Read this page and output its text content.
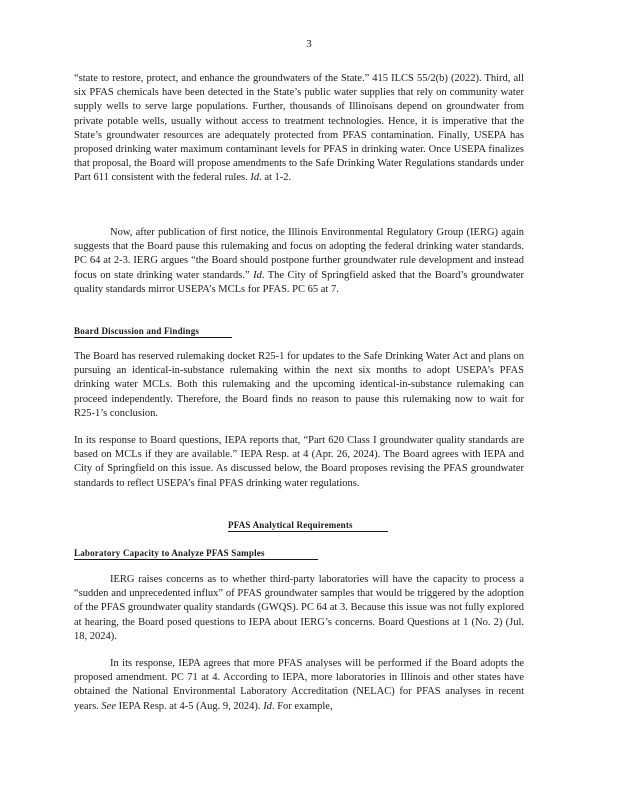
3
“state to restore, protect, and enhance the groundwaters of the State.” 415 ILCS 55/2(b) (2022). Third, all six PFAS chemicals have been detected in the State’s public water supplies that rely on community water supply wells to serve large populations. Further, thousands of Illinoisans depend on groundwater from private potable wells, usually without access to treatment technologies. Hence, it is imperative that the State’s groundwater resources are adequately protected from PFAS contamination. Finally, USEPA has proposed drinking water maximum contaminant levels for PFAS in drinking water. Once USEPA finalizes that proposal, the Board will propose amendments to the Safe Drinking Water Regulations standards under Part 611 consistent with the federal rules. Id. at 1-2.
Now, after publication of first notice, the Illinois Environmental Regulatory Group (IERG) again suggests that the Board pause this rulemaking and focus on adopting the federal drinking water standards. PC 64 at 2-3. IERG argues “the Board should postpone further groundwater rule development and instead focus on state drinking water standards.” Id. The City of Springfield asked that the Board’s groundwater quality standards mirror USEPA’s MCLs for PFAS. PC 65 at 7.
Board Discussion and Findings
The Board has reserved rulemaking docket R25-1 for updates to the Safe Drinking Water Act and plans on pursuing an identical-in-substance rulemaking within the next six months to adopt USEPA’s PFAS drinking water MCLs. Both this rulemaking and the upcoming identical-in-substance rulemaking can proceed independently. Therefore, the Board finds no reason to pause this rulemaking now to wait for R25-1’s conclusion.
In its response to Board questions, IEPA reports that, “Part 620 Class I groundwater quality standards are based on MCLs if they are available.” IEPA Resp. at 4 (Apr. 26, 2024). The Board agrees with IEPA and City of Springfield on this issue. As discussed below, the Board proposes revising the PFAS groundwater standards to reflect USEPA’s final PFAS drinking water regulations.
PFAS Analytical Requirements
Laboratory Capacity to Analyze PFAS Samples
IERG raises concerns as to whether third-party laboratories will have the capacity to process a “sudden and unprecedented influx” of PFAS groundwater samples that would be triggered by the adoption of the PFAS groundwater quality standards (GWQS). PC 64 at 3. Because this issue was not fully explored at hearing, the Board posed questions to IEPA about IERG’s concerns. Board Questions at 1 (No. 2) (Jul. 18, 2024).
In its response, IEPA agrees that more PFAS analyses will be performed if the Board adopts the proposed amendment. PC 71 at 4. According to IEPA, more laboratories in Illinois and other states have obtained the National Environmental Laboratory Accreditation (NELAC) for PFAS analyses in recent years. See IEPA Resp. at 4-5 (Aug. 9, 2024). Id. For example,
